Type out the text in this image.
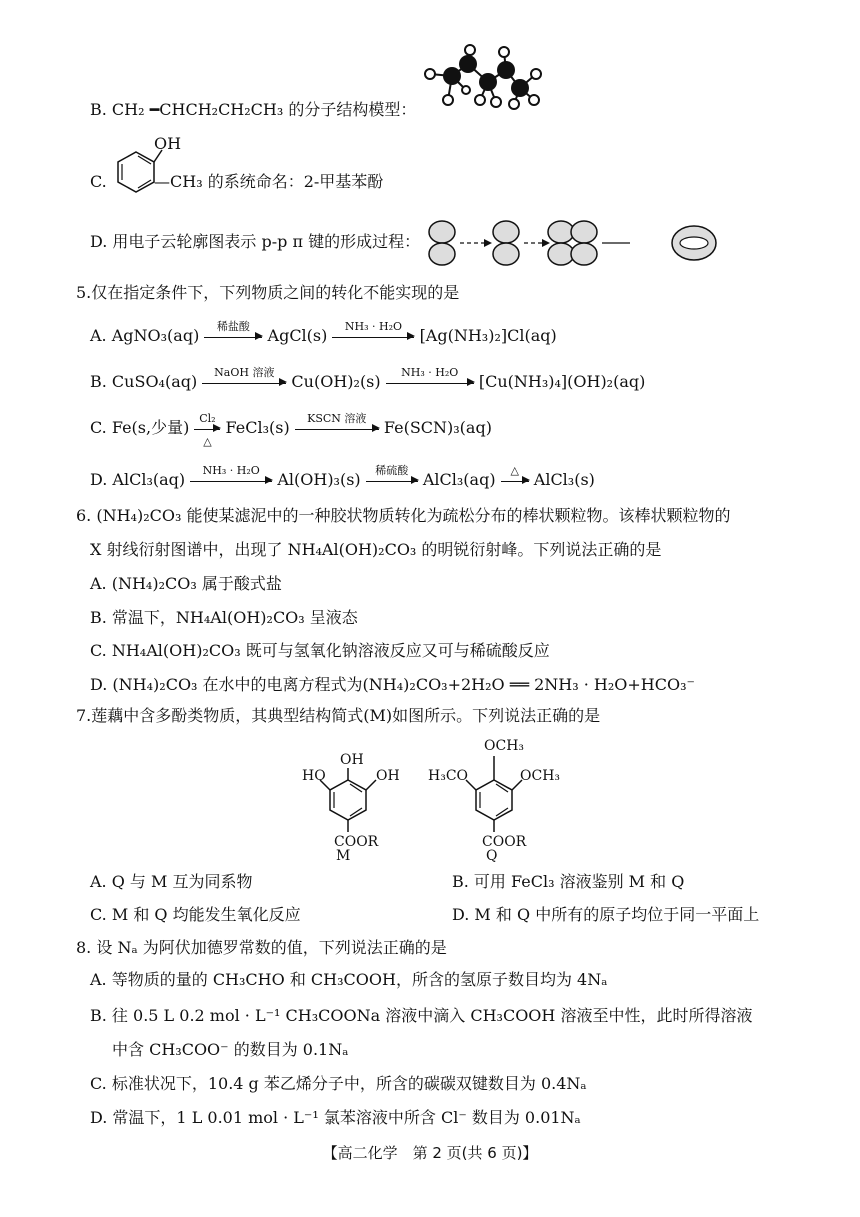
B. CH₂ ━CHCH₂CH₂CH₃ 的分子结构模型：
C.
OH
—CH₃ 的系统命名：2-甲基苯酚
D. 用电子云轮廓图表示 p-p π 键的形成过程：
5.仅在指定条件下，下列物质之间的转化不能实现的是
A. AgNO₃(aq)	稀盐酸	AgCl(s)	NH₃ · H₂O	[Ag(NH₃)₂]Cl(aq)
B. CuSO₄(aq)	NaOH 溶液	Cu(OH)₂(s)	NH₃ · H₂O	[Cu(NH₃)₄](OH)₂(aq)
C. Fe(s,少量) Cl₂
△
FeCl₃(s)	KSCN 溶液	Fe(SCN)₃(aq)
D. AlCl₃(aq)	NH₃ · H₂O	Al(OH)₃(s)	稀硫酸 AlCl₃(aq)	△ AlCl₃(s)
6. (NH₄)₂CO₃ 能使某滤泥中的一种胶状物质转化为疏松分布的棒状颗粒物。该棒状颗粒物的
X 射线衍射图谱中，出现了 NH₄Al(OH)₂CO₃ 的明锐衍射峰。下列说法正确的是
A. (NH₄)₂CO₃ 属于酸式盐
B. 常温下，NH₄Al(OH)₂CO₃ 呈液态
C. NH₄Al(OH)₂CO₃ 既可与氢氧化钠溶液反应又可与稀硫酸反应
D. (NH₄)₂CO₃ 在水中的电离方程式为(NH₄)₂CO₃+2H₂O ══ 2NH₃ · H₂O+HCO₃⁻
7.莲藕中含多酚类物质，其典型结构简式(M)如图所示。下列说法正确的是
OH
HO	OH
COOR
M
OCH₃
H₃CO	OCH₃
COOR
Q
A. Q 与 M 互为同系物	B. 可用 FeCl₃ 溶液鉴别 M 和 Q
C. M 和 Q 均能发生氧化反应	D. M 和 Q 中所有的原子均位于同一平面上
8. 设 Nₐ 为阿伏加德罗常数的值，下列说法正确的是
A. 等物质的量的 CH₃CHO 和 CH₃COOH，所含的氢原子数目均为 4Nₐ
B. 往 0.5 L 0.2 mol · L⁻¹ CH₃COONa 溶液中滴入 CH₃COOH 溶液至中性，此时所得溶液
中含 CH₃COO⁻ 的数目为 0.1Nₐ
C. 标准状况下，10.4 g 苯乙烯分子中，所含的碳碳双键数目为 0.4Nₐ
D. 常温下，1 L 0.01 mol · L⁻¹ 氯苯溶液中所含 Cl⁻ 数目为 0.01Nₐ
【高二化学　第 2 页(共 6 页)】
